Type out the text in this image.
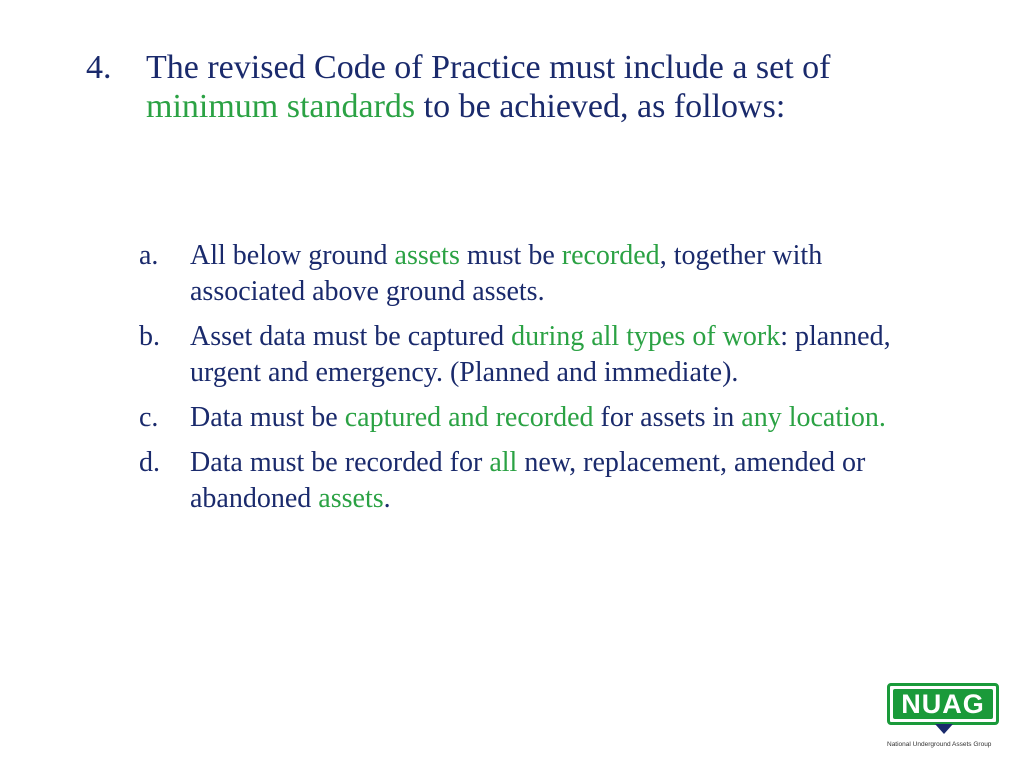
4.	The revised Code of Practice must include a set of minimum standards to be achieved, as follows:
a.	All below ground assets must be recorded, together with associated above ground assets.
b.	Asset data must be captured during all types of work: planned, urgent and emergency. (Planned and immediate).
c.	Data must be captured and recorded for assets in any location.
d.	Data must be recorded for all new, replacement, amended or abandoned assets.
NUAG
National Underground Assets Group
